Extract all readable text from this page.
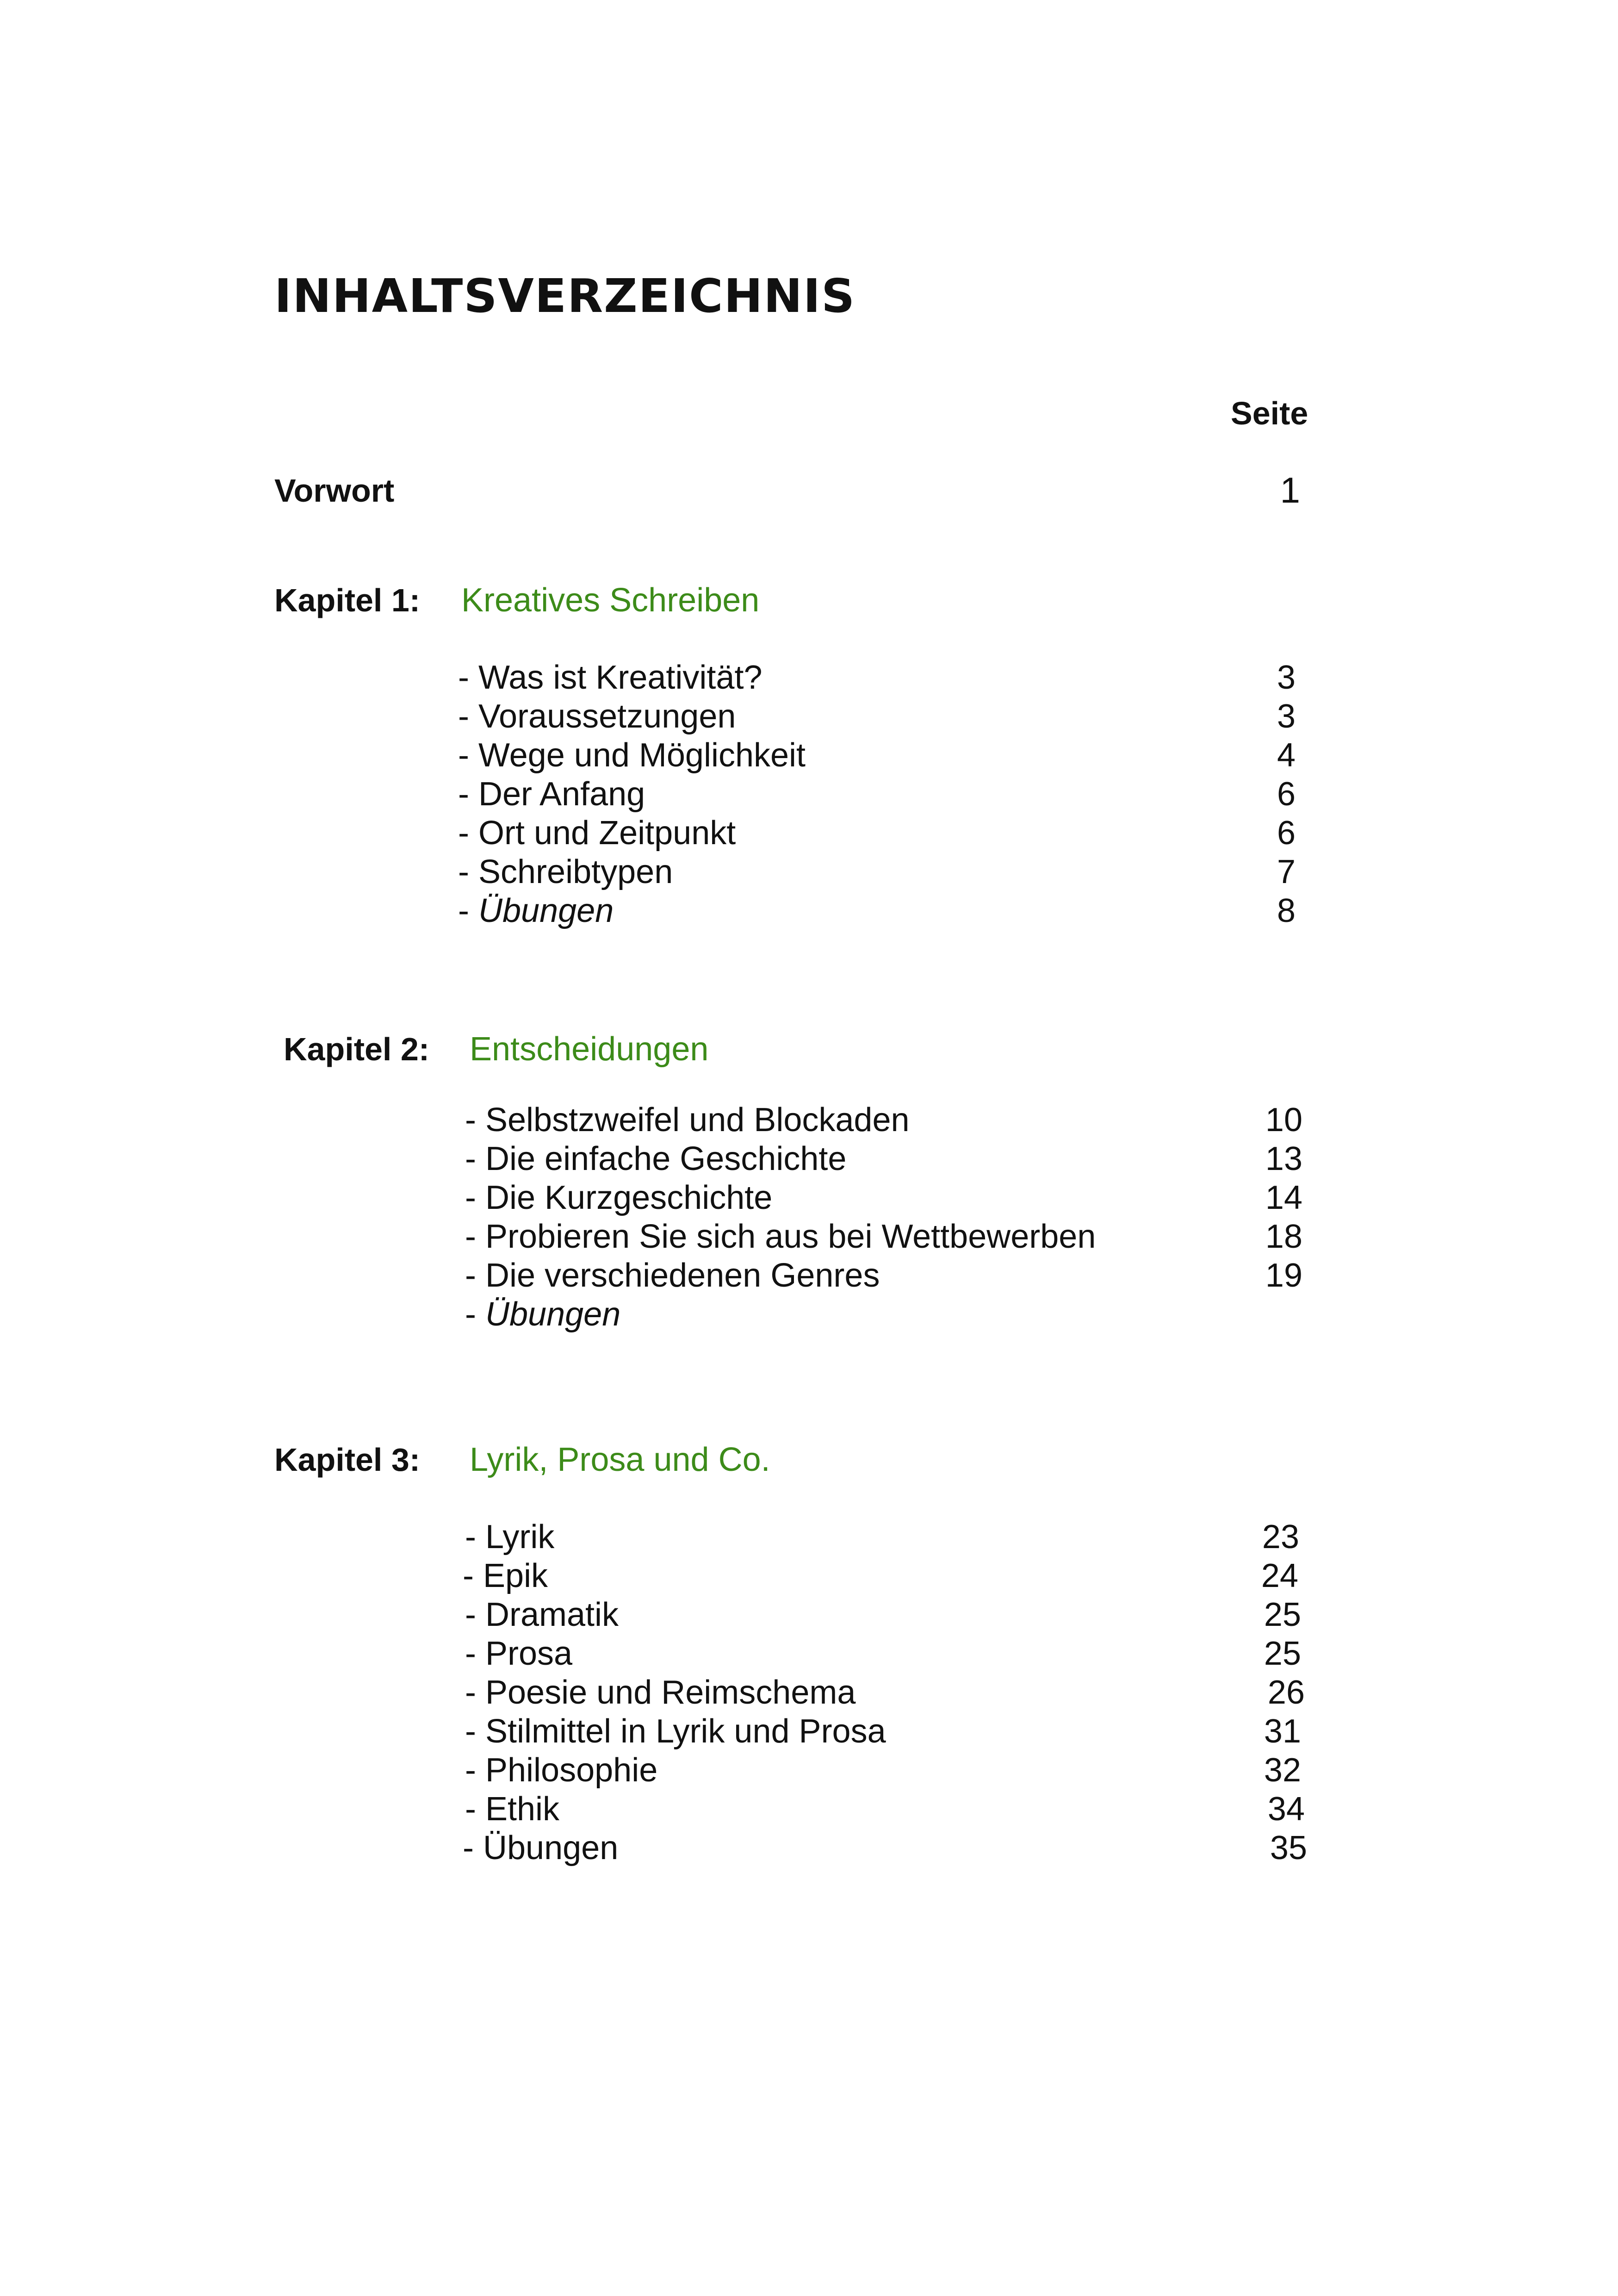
INHALTSVERZEICHNIS
Seite
Vorwort	1
Kapitel 1: Kreatives Schreiben
- Was ist Kreativität?	3
- Voraussetzungen	3
- Wege und Möglichkeit	4
- Der Anfang	6
- Ort und Zeitpunkt	6
- Schreibtypen	7
- Übungen	8
Kapitel 2: Entscheidungen
- Selbstzweifel und Blockaden	10
- Die einfache Geschichte	13
- Die Kurzgeschichte	14
- Probieren Sie sich aus bei Wettbewerben	18
- Die verschiedenen Genres	19
- Übungen
Kapitel 3: Lyrik, Prosa und Co.
- Lyrik	23
- Epik	24
- Dramatik	25
- Prosa	25
- Poesie und Reimschema	26
- Stilmittel in Lyrik und Prosa	31
- Philosophie	32
- Ethik	34
- Übungen	35
